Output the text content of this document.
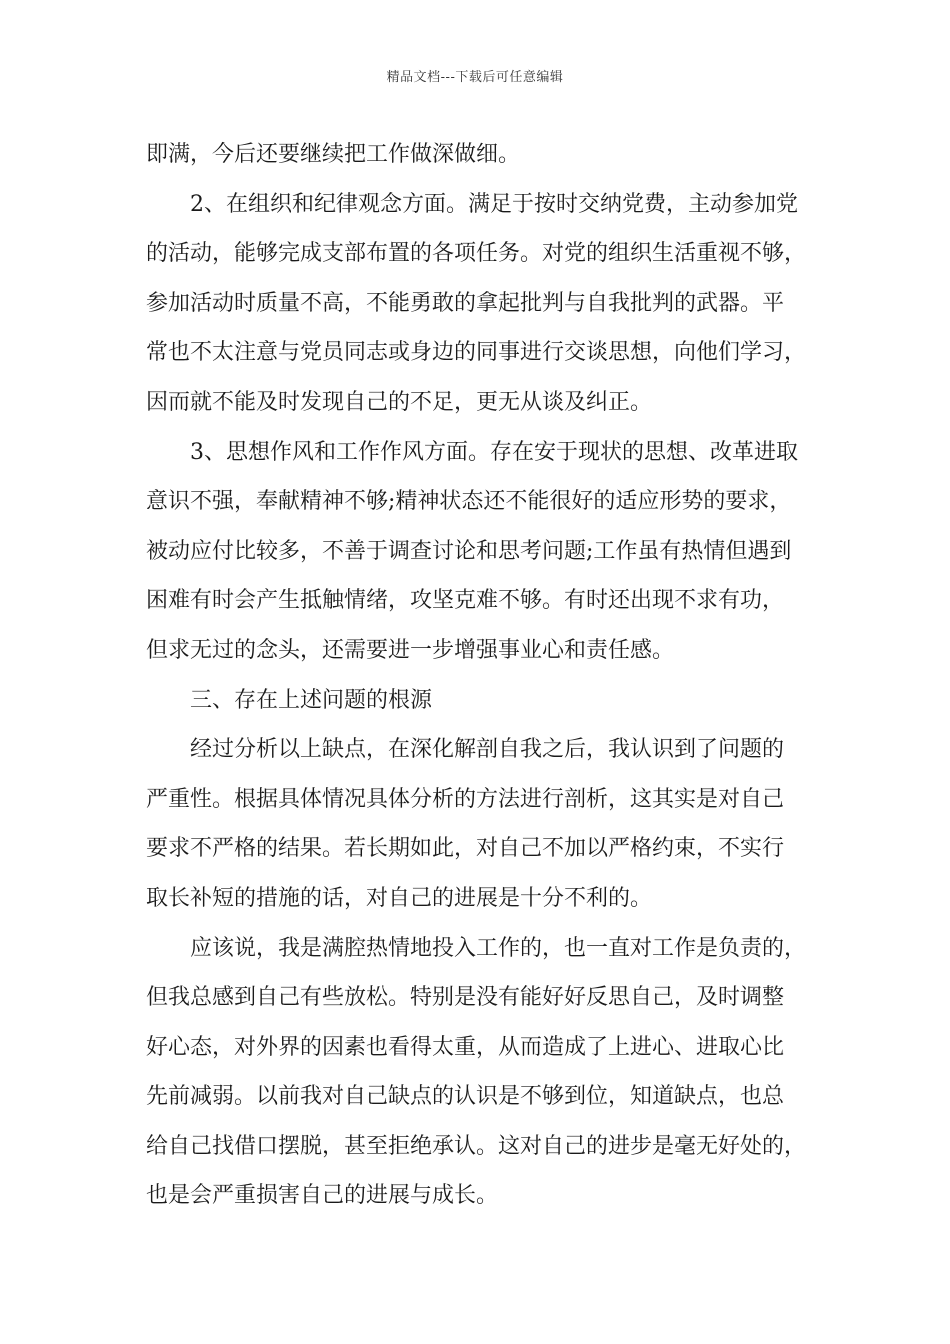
精品文档---下载后可任意编辑
即满，今后还要继续把工作做深做细。
2、在组织和纪律观念方面。满足于按时交纳党费，主动参加党
的活动，能够完成支部布置的各项任务。对党的组织生活重视不够，
参加活动时质量不高，不能勇敢的拿起批判与自我批判的武器。平
常也不太注意与党员同志或身边的同事进行交谈思想，向他们学习，
因而就不能及时发现自己的不足，更无从谈及纠正。
3、思想作风和工作作风方面。存在安于现状的思想、改革进取
意识不强，奉献精神不够;精神状态还不能很好的适应形势的要求，
被动应付比较多，不善于调查讨论和思考问题;工作虽有热情但遇到
困难有时会产生抵触情绪，攻坚克难不够。有时还出现不求有功，
但求无过的念头，还需要进一步增强事业心和责任感。
三、存在上述问题的根源
经过分析以上缺点，在深化解剖自我之后，我认识到了问题的
严重性。根据具体情况具体分析的方法进行剖析，这其实是对自己
要求不严格的结果。若长期如此，对自己不加以严格约束，不实行
取长补短的措施的话，对自己的进展是十分不利的。
应该说，我是满腔热情地投入工作的，也一直对工作是负责的，
但我总感到自己有些放松。特别是没有能好好反思自己，及时调整
好心态，对外界的因素也看得太重，从而造成了上进心、进取心比
先前减弱。以前我对自己缺点的认识是不够到位，知道缺点，也总
给自己找借口摆脱，甚至拒绝承认。这对自己的进步是毫无好处的，
也是会严重损害自己的进展与成长。
